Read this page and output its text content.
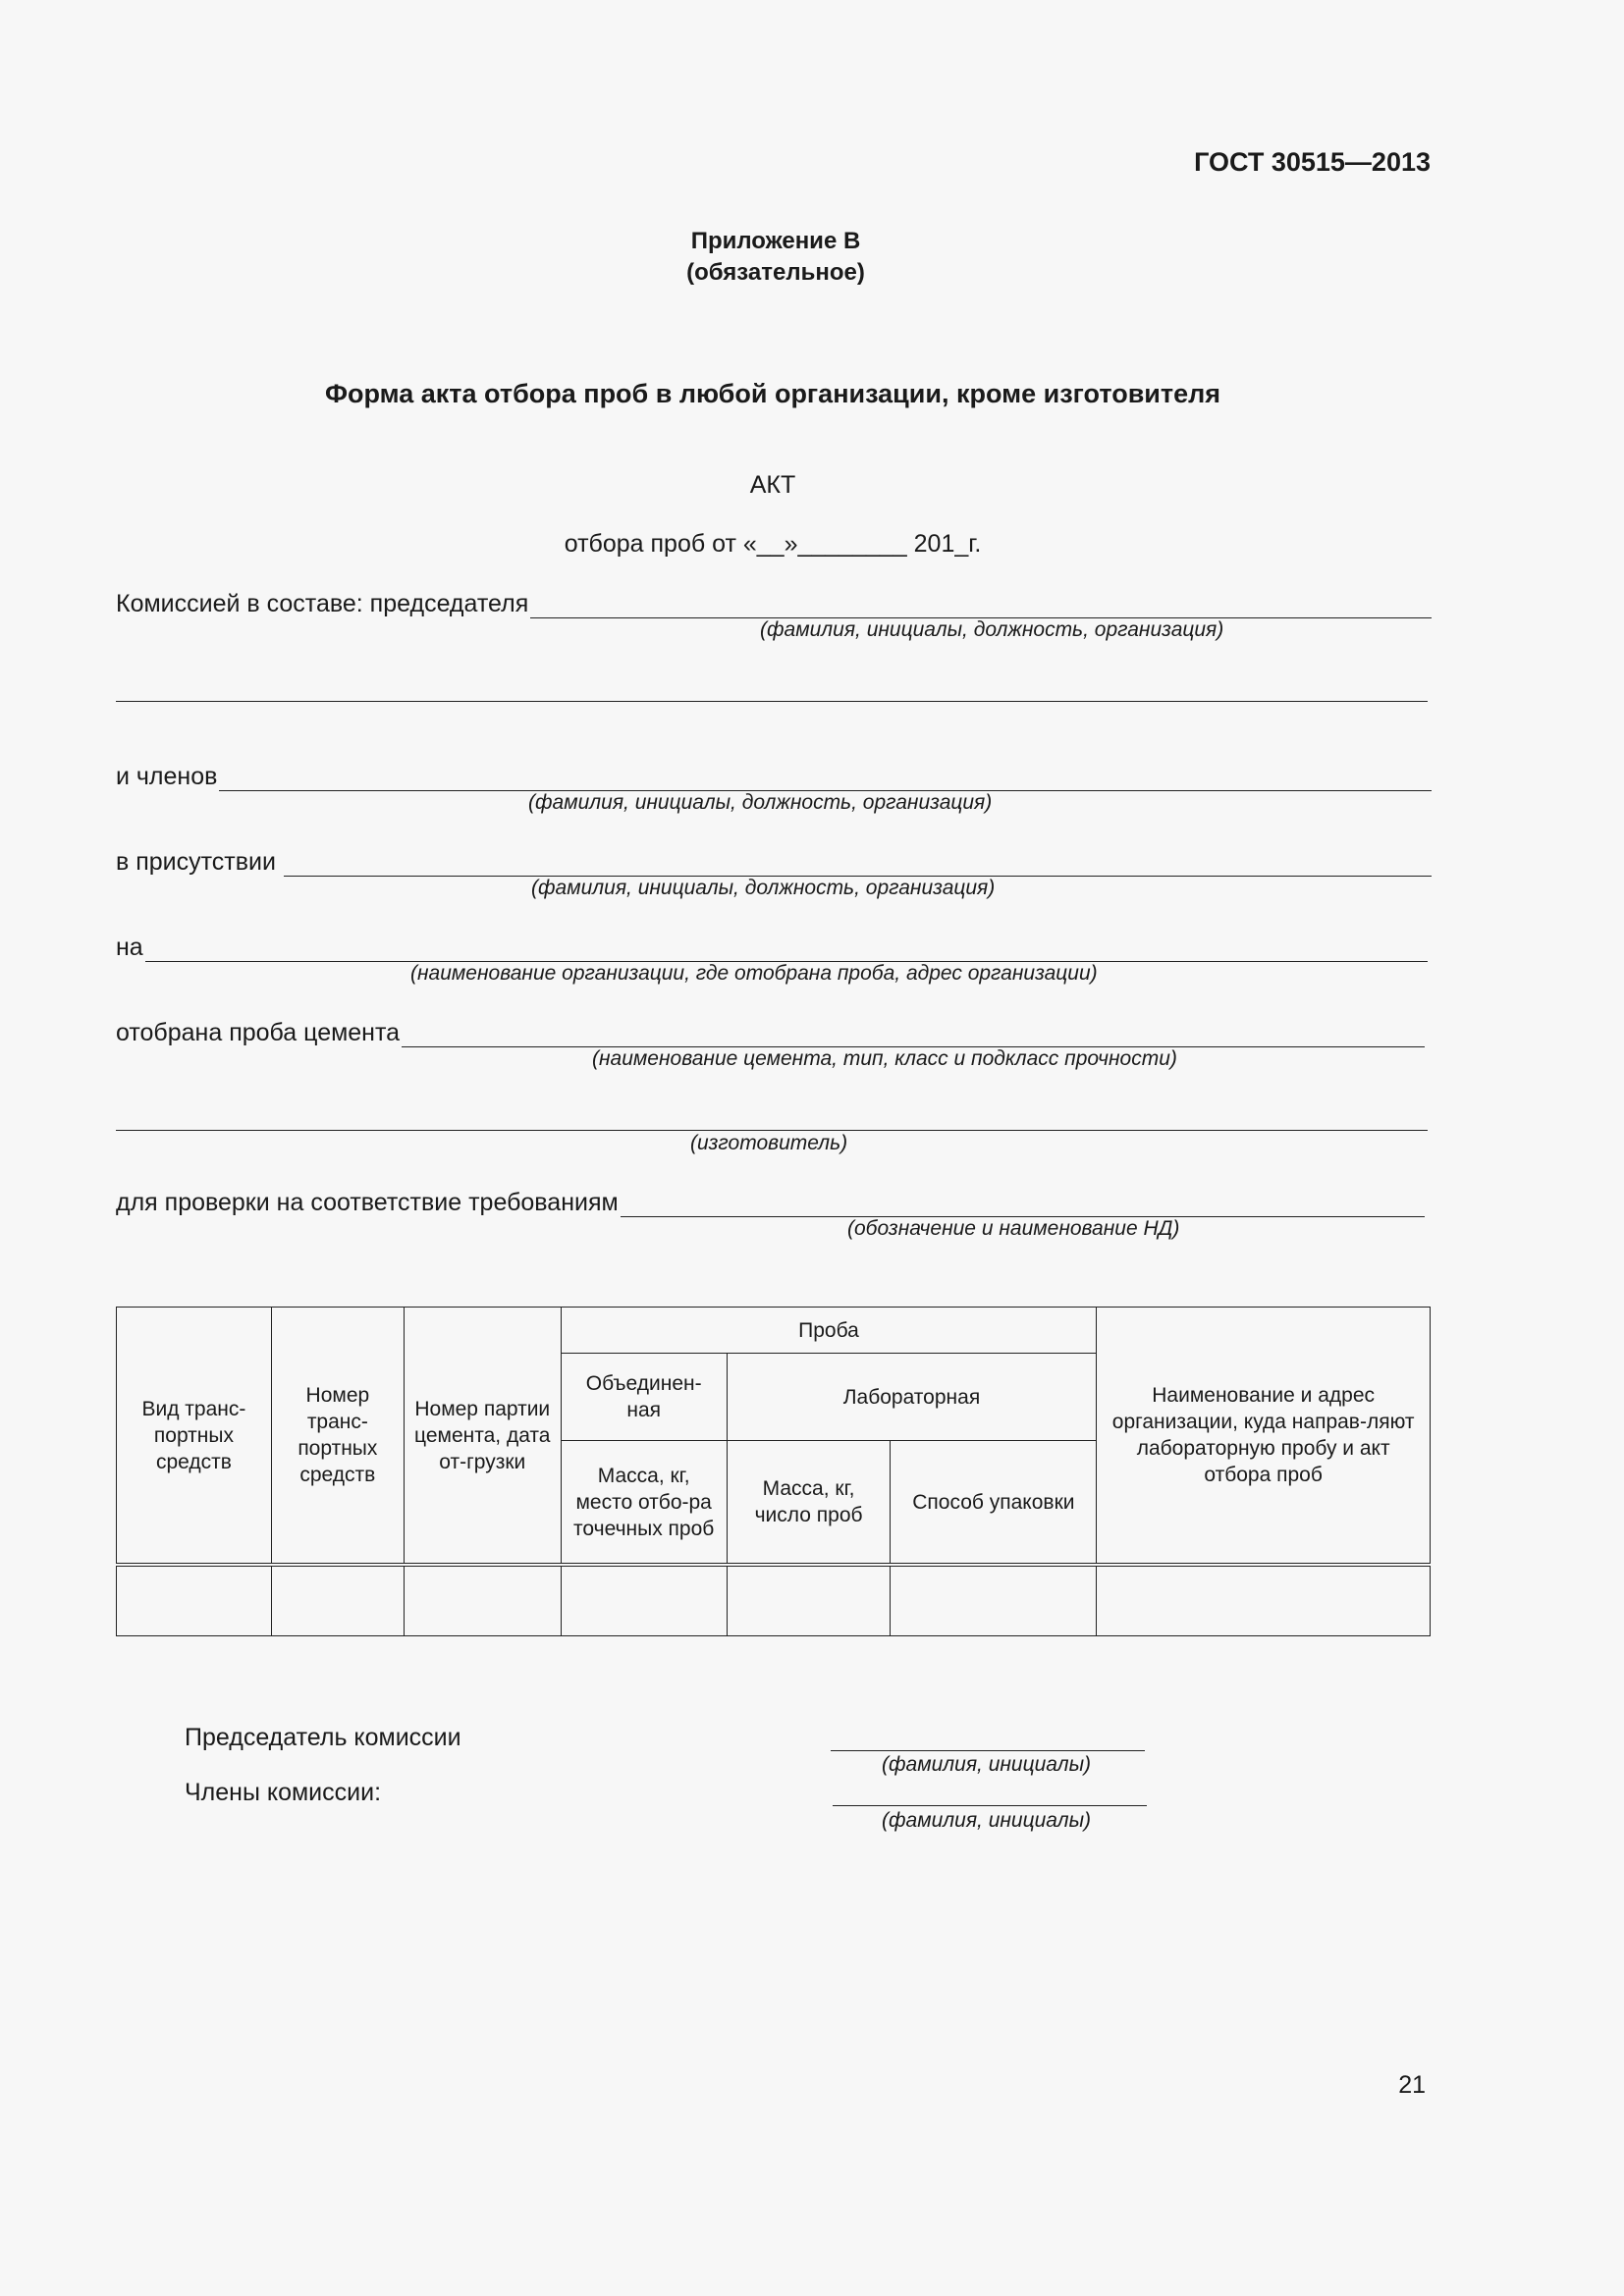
ГОСТ 30515—2013
Приложение В
(обязательное)
Форма акта отбора проб в любой организации, кроме изготовителя
АКТ
отбора проб от «__»________ 201_г.
Комиссией в составе: председателя
(фамилия, инициалы, должность, организация)
и членов
(фамилия, инициалы, должность, организация)
в присутствии
(фамилия, инициалы, должность, организация)
на
(наименование организации, где отобрана проба, адрес организации)
отобрана проба цемента
(наименование цемента, тип, класс и подкласс прочности)
(изготовитель)
для проверки на соответствие требованиям
(обозначение и наименование НД)
Вид транс-портных средств	Номер транс-портных средств	Номер партии цемента, дата от-грузки	Проба			Наименование и адрес организации, куда направ-ляют лабораторную пробу и акт отбора проб
			Объединен-ная	Лабораторная		
			Масса, кг, место отбо-ра точечных проб	Масса, кг, число проб	Способ упаковки	

Председатель комиссии
(фамилия, инициалы)
Члены комиссии:
(фамилия, инициалы)
21
